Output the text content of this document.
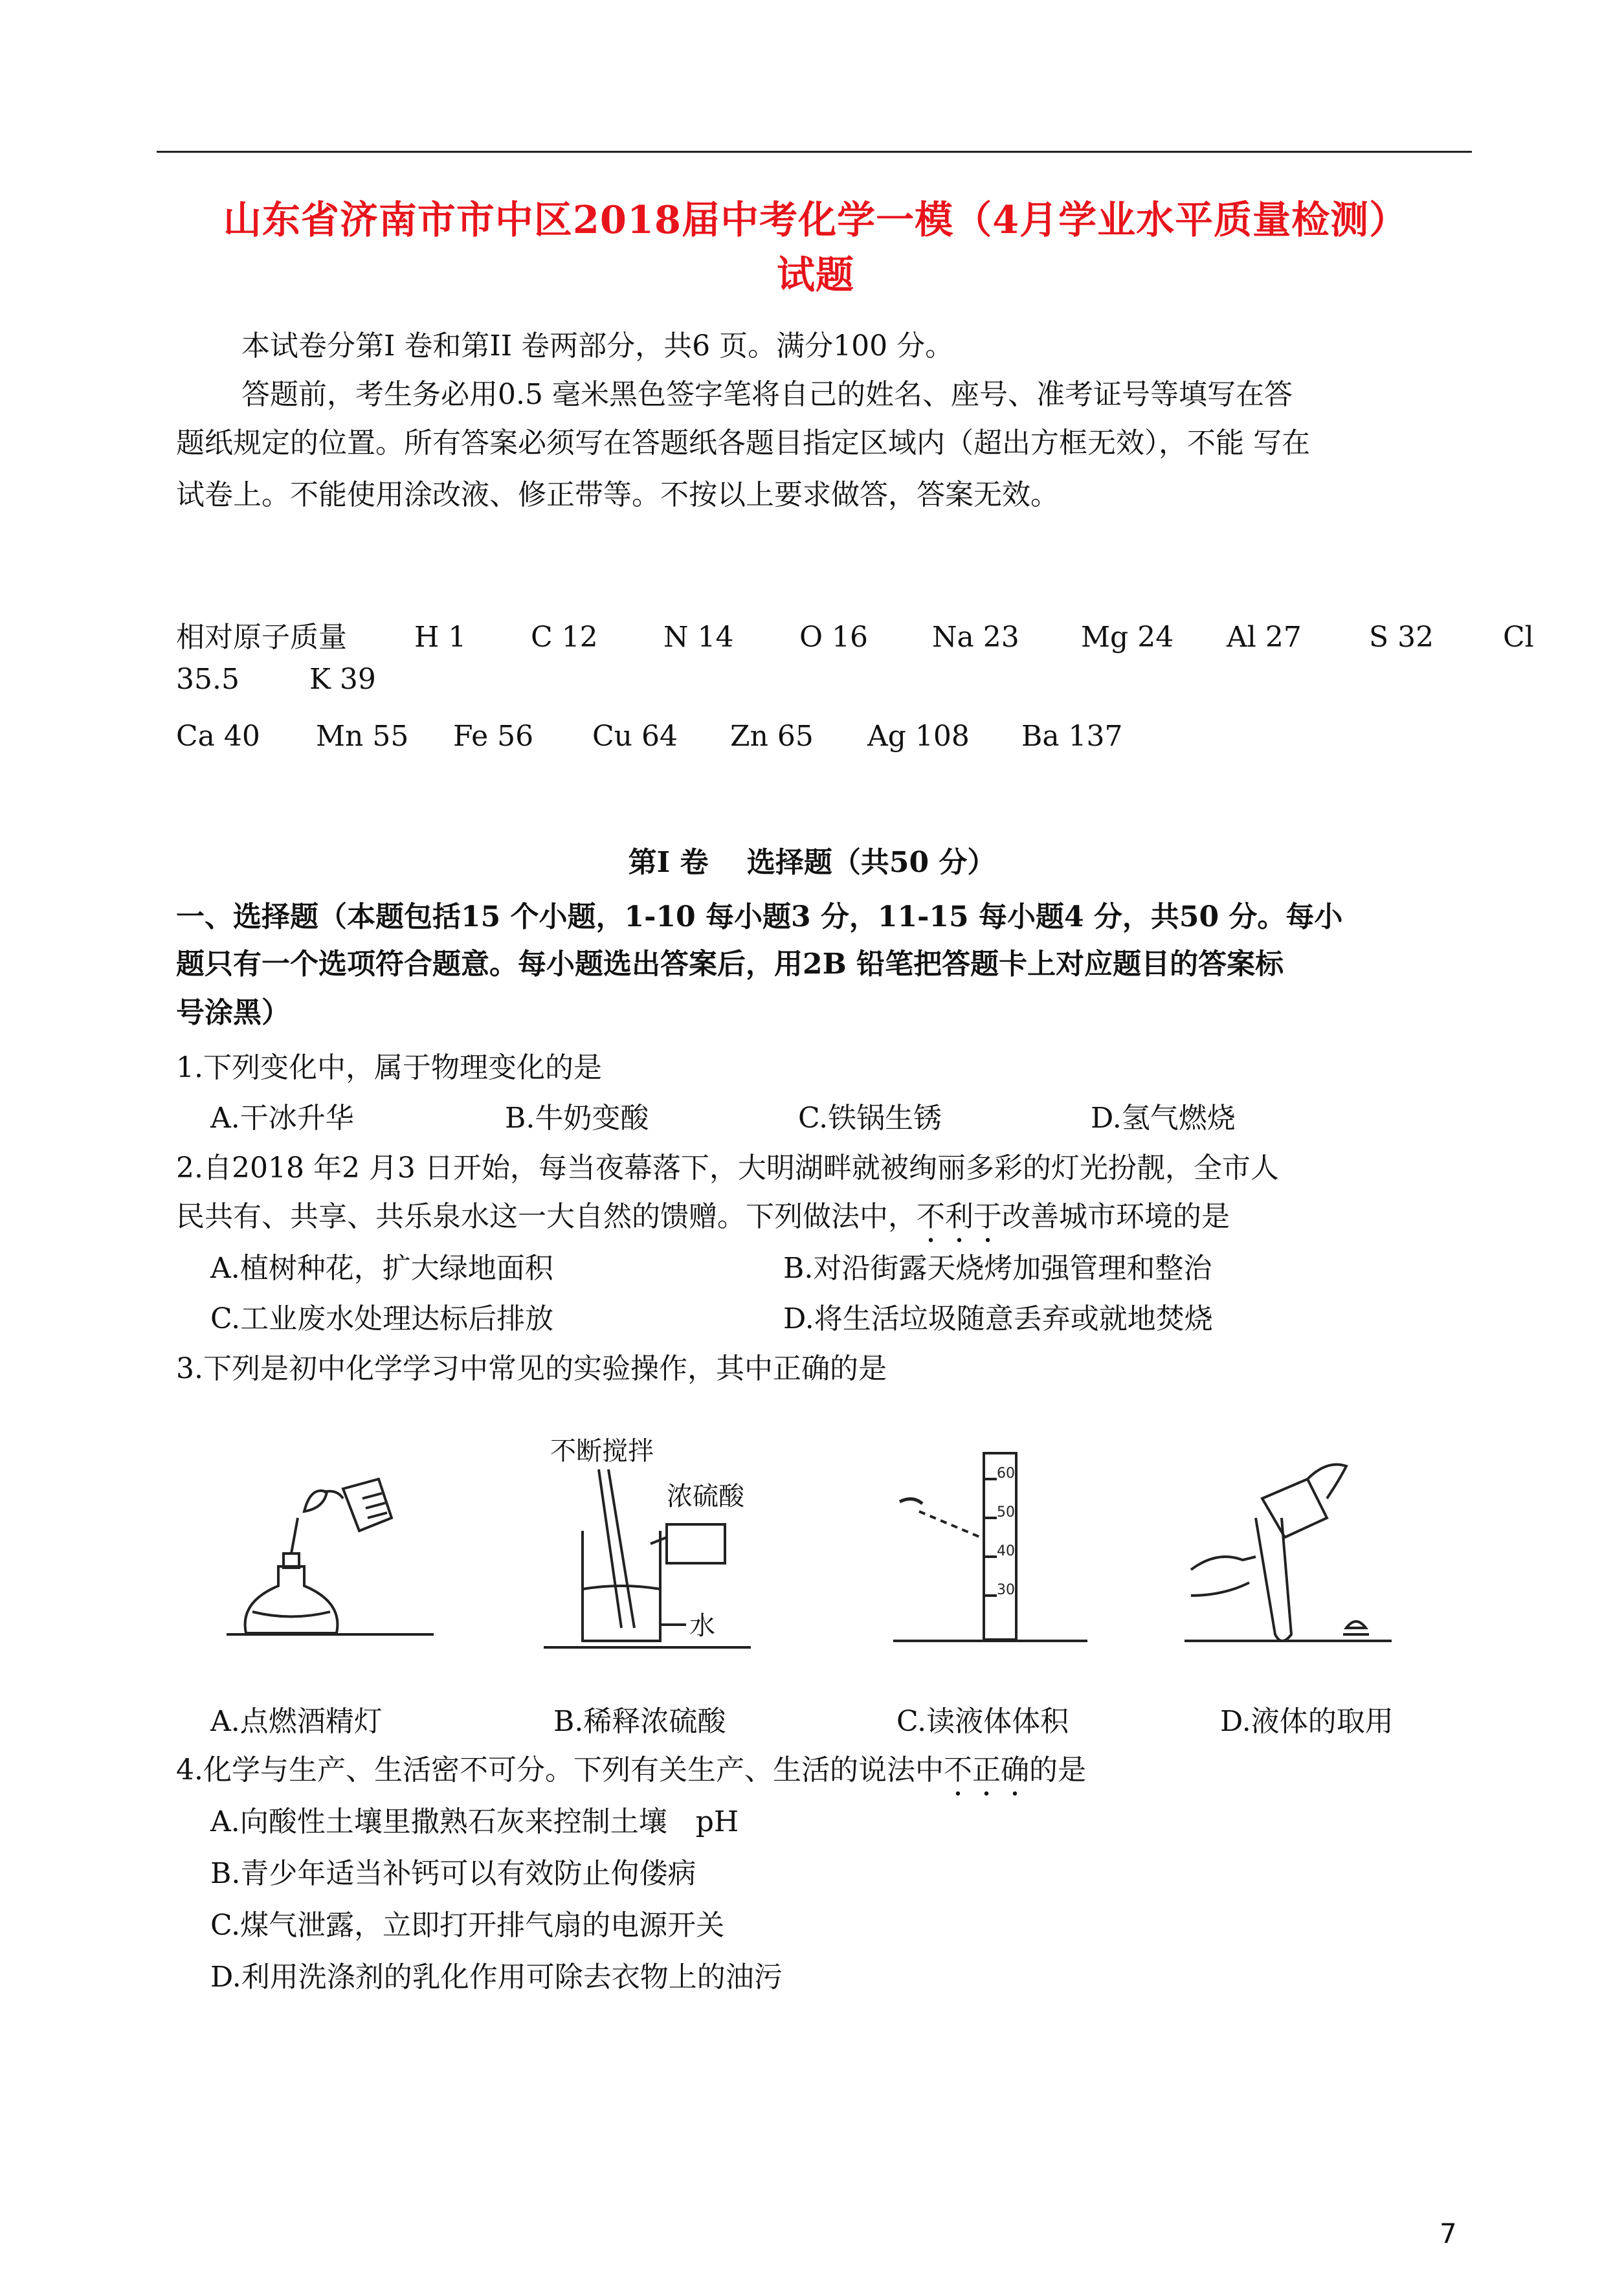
山东省济南市市中区2018届中考化学一模（4月学业水平质量检测）
试题
本试卷分第Ⅰ 卷和第II 卷两部分，共6 页。满分100 分。
答题前，考生务必用0.5 毫米黑色签字笔将自己的姓名、座号、准考证号等填写在答
题纸规定的位置。所有答案必须写在答题纸各题目指定区域内（超出方框无效），不能 写在
试卷上。不能使用涂改液、修正带等。不按以上要求做答，答案无效。
相对原子质量 H 1 C 12 N 14 O 16 Na 23 Mg 24 Al 27 S 32 Cl
35.5 K 39
Ca 40 Mn 55 Fe 56 Cu 64 Zn 65 Ag 108 Ba 137
第Ⅰ 卷　 选择题（共50 分）
一、选择题（本题包括15 个小题，1-10 每小题3 分，11-15 每小题4 分，共50 分。每小
题只有一个选项符合题意。每小题选出答案后，用2B 铅笔把答题卡上对应题目的答案标
号涂黑）
1.下列变化中，属于物理变化的是
A.干冰升华	B.牛奶变酸	C.铁锅生锈	D.氢气燃烧
2.自2018 年2 月3 日开始，每当夜幕落下，大明湖畔就被绚丽多彩的灯光扮靓，全市人
民共有、共享、共乐泉水这一大自然的馈赠。下列做法中，不利于改善城市环境的是
A.植树种花，扩大绿地面积	B.对沿街露天烧烤加强管理和整治
C.工业废水处理达标后排放	D.将生活垃圾随意丢弃或就地焚烧
3.下列是初中化学学习中常见的实验操作，其中正确的是
不断搅拌
浓硫酸
水
60
50
40
30
A.点燃酒精灯	B.稀释浓硫酸	C.读液体体积	D.液体的取用
4.化学与生产、生活密不可分。下列有关生产、生活的说法中不正确的是
A.向酸性土壤里撒熟石灰来控制土壤　pH
B.青少年适当补钙可以有效防止佝偻病
C.煤气泄露，立即打开排气扇的电源开关
D.利用洗涤剂的乳化作用可除去衣物上的油污
7
